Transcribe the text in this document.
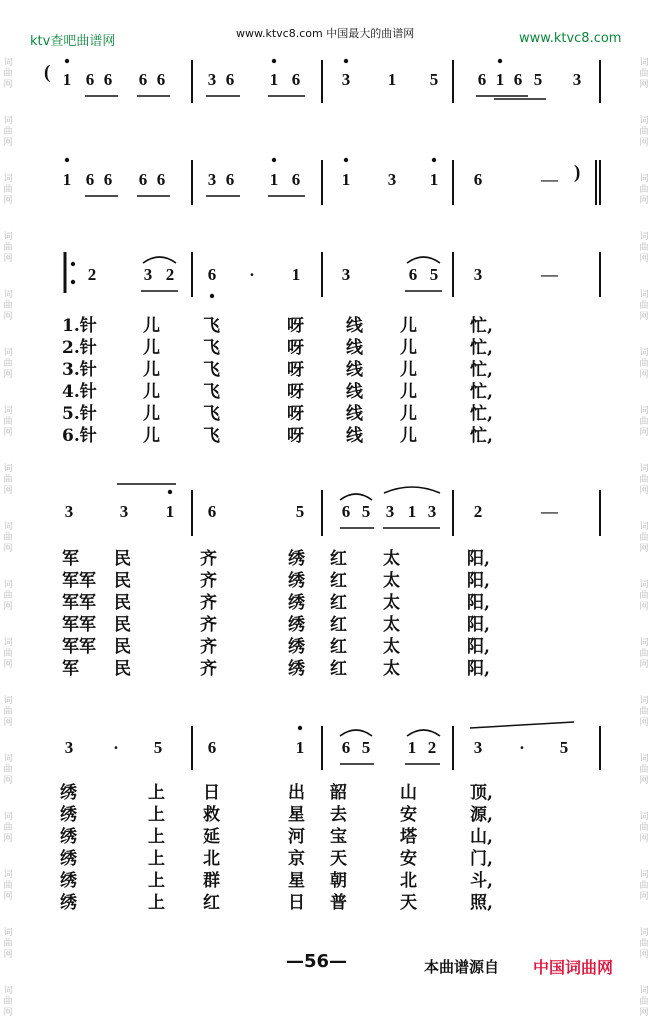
ktv查吧曲谱网
www.ktvc8.com 中国最大的曲谱网	www.ktvc8.com
词
曲
网
词
曲
网
词
曲
网
词
曲
网
词
曲
网
词
曲
网
词
曲
网
词
曲
网
词
曲
网
词
曲
网
词
曲
网
词
曲
网
词
曲
网
词
曲
网
词
曲
网
词
曲
网
词
曲
网
词
曲
网
词
曲
网
词
曲
网
词
曲
网
词
曲
网
词
曲
网
词
曲
网
词
曲
网
词
曲
网
词
曲
网
词
曲
网
词
曲
网
词
曲
网
词
曲
网
词
曲
网
词
曲
网
词
曲
网
( 1 6 6 6 6	3 6 1 6 3 1 5 6 1 6 5 3
1 6 6 6 6	3 6 1 6 1 3 1 6	— )
2	3 2 6 · 1 3	6 5 3	—
3	3 1 6	5 6 5 3 1 3 2	—
3 · 5	6	1 6 5 1 2 3 · 5
1.针	儿	飞	呀 线 儿	忙,
2.针	儿	飞	呀 线 儿	忙,
3.针	儿	飞	呀 线 儿	忙,
4.针	儿	飞	呀 线 儿	忙,
5.针	儿	飞	呀 线 儿	忙,
6.针	儿	飞	呀 线 儿	忙,
军 民	齐	绣 红 太	阳,
军军 民	齐	绣 红 太	阳,
军军 民	齐	绣 红 太	阳,
军军 民	齐	绣 红 太	阳,
军军 民	齐	绣 红 太	阳,
军 民	齐	绣 红 太	阳,
绣	上 日	出 韶	山	顶,
绣	上 救	星 去	安	源,
绣	上 延	河 宝	塔	山,
绣	上 北	京 天	安	门,
绣	上 群	星 朝	北	斗,
绣	上 红	日 普	天	照,
—56—	本曲谱源自 中国词曲网
